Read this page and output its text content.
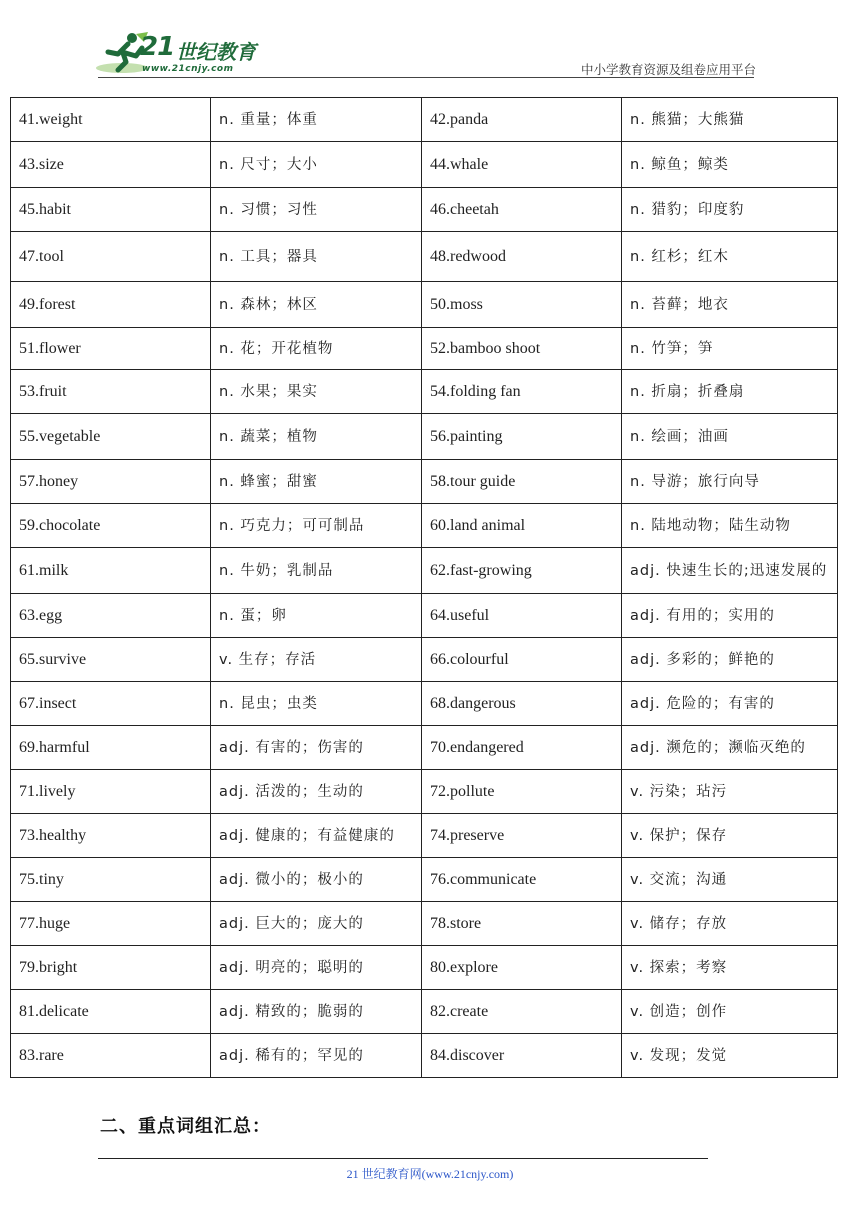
21 世纪教育
www.21cnjy.com	中小学教育资源及组卷应用平台
41.weight	n. 重量；体重	42.panda	n. 熊猫；大熊猫
43.size	n. 尺寸；大小	44.whale	n. 鲸鱼；鲸类
45.habit	n. 习惯；习性	46.cheetah	n. 猎豹；印度豹
47.tool	n. 工具；器具	48.redwood	n. 红杉；红木
49.forest	n. 森林；林区	50.moss	n. 苔藓；地衣
51.flower	n. 花；开花植物	52.bamboo shoot	n. 竹笋；笋
53.fruit	n. 水果；果实	54.folding fan	n. 折扇；折叠扇
55.vegetable	n. 蔬菜；植物	56.painting	n. 绘画；油画
57.honey	n. 蜂蜜；甜蜜	58.tour guide	n. 导游；旅行向导
59.chocolate	n. 巧克力；可可制品	60.land animal	n. 陆地动物；陆生动物
61.milk	n. 牛奶；乳制品	62.fast-growing	adj. 快速生长的;迅速发展的
63.egg	n. 蛋；卵	64.useful	adj. 有用的；实用的
65.survive	v. 生存；存活	66.colourful	adj. 多彩的；鲜艳的
67.insect	n. 昆虫；虫类	68.dangerous	adj. 危险的；有害的
69.harmful	adj. 有害的；伤害的	70.endangered	adj. 濒危的；濒临灭绝的
71.lively	adj. 活泼的；生动的	72.pollute	v. 污染；玷污
73.healthy	adj. 健康的；有益健康的	74.preserve	v. 保护；保存
75.tiny	adj. 微小的；极小的	76.communicate	v. 交流；沟通
77.huge	adj. 巨大的；庞大的	78.store	v. 储存；存放
79.bright	adj. 明亮的；聪明的	80.explore	v. 探索；考察
81.delicate	adj. 精致的；脆弱的	82.create	v. 创造；创作
83.rare	adj. 稀有的；罕见的	84.discover	v. 发现；发觉
二、重点词组汇总：
21 世纪教育网(www.21cnjy.com)
